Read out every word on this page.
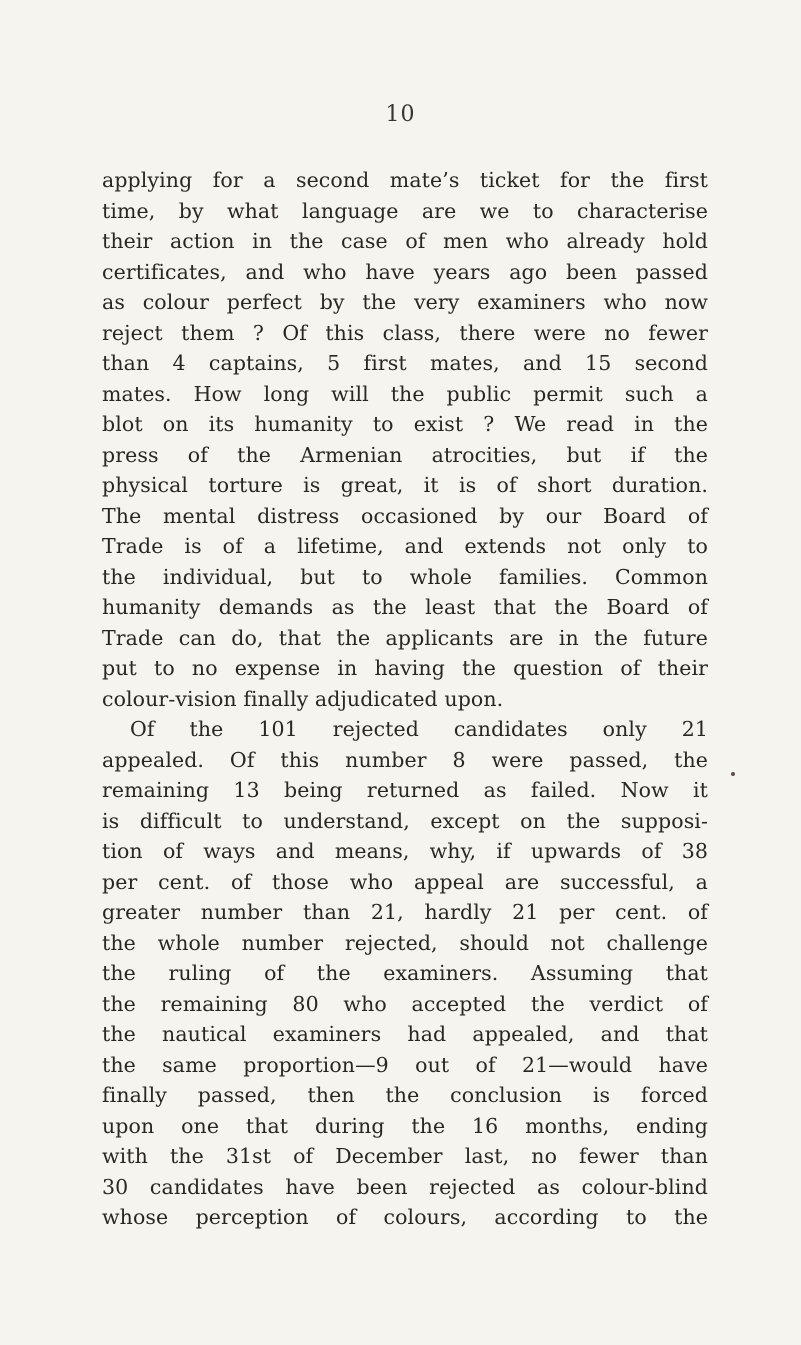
10
applying for a second mate’s ticket for the first
time, by what language are we to characterise
their action in the case of men who already hold
certificates, and who have years ago been passed
as colour perfect by the very examiners who now
reject them ? Of this class, there were no fewer
than 4 captains, 5 first mates, and 15 second
mates. How long will the public permit such a
blot on its humanity to exist ? We read in the
press of the Armenian atrocities, but if the
physical torture is great, it is of short duration.
The mental distress occasioned by our Board of
Trade is of a lifetime, and extends not only to
the individual, but to whole families. Common
humanity demands as the least that the Board of
Trade can do, that the applicants are in the future
put to no expense in having the question of their
colour-vision finally adjudicated upon.
Of the 101 rejected candidates only 21
appealed. Of this number 8 were passed, the
remaining 13 being returned as failed. Now it
is difficult to understand, except on the supposi-
tion of ways and means, why, if upwards of 38
per cent. of those who appeal are successful, a
greater number than 21, hardly 21 per cent. of
the whole number rejected, should not challenge
the ruling of the examiners. Assuming that
the remaining 80 who accepted the verdict of
the nautical examiners had appealed, and that
the same proportion—9 out of 21—would have
finally passed, then the conclusion is forced
upon one that during the 16 months, ending
with the 31st of December last, no fewer than
30 candidates have been rejected as colour-blind
whose perception of colours, according to the
